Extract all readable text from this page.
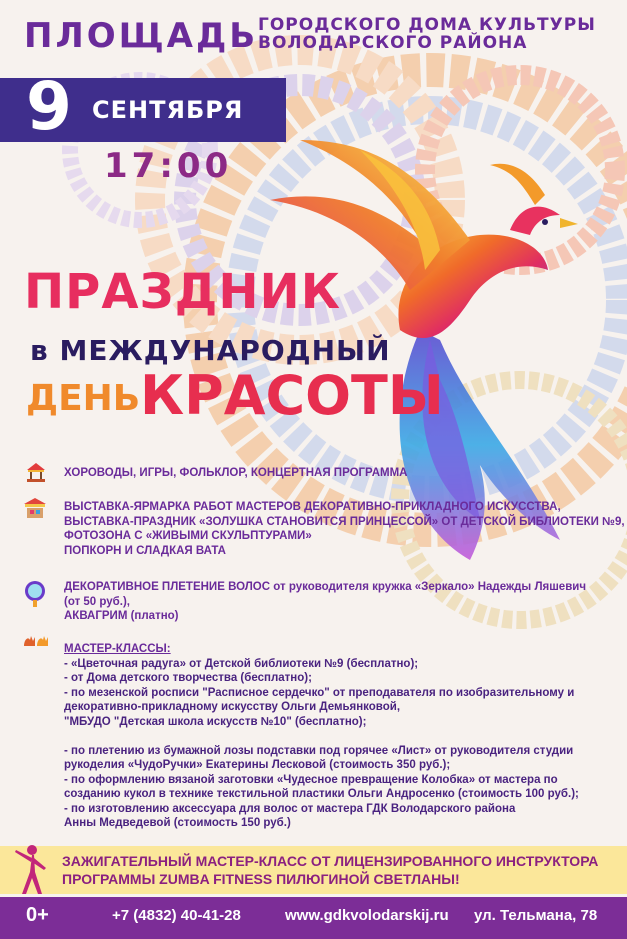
ПЛОЩАДЬ ГОРОДСКОГО ДОМА КУЛЬТУРЫ
ВОЛОДАРСКОГО РАЙОНА
9 СЕНТЯБРЯ
17:00
ПРАЗДНИК
в МЕЖДУНАРОДНЫЙ
ДЕНЬ КРАСОТЫ
ХОРОВОДЫ, ИГРЫ, ФОЛЬКЛОР, КОНЦЕРТНАЯ ПРОГРАММА
ВЫСТАВКА-ЯРМАРКА РАБОТ МАСТЕРОВ ДЕКОРАТИВНО-ПРИКЛАДНОГО ИСКУССТВА,
ВЫСТАВКА-ПРАЗДНИК «ЗОЛУШКА СТАНОВИТСЯ ПРИНЦЕССОЙ» ОТ ДЕТСКОЙ БИБЛИОТЕКИ №9,
ФОТОЗОНА С «ЖИВЫМИ СКУЛЬПТУРАМИ»
ПОПКОРН И СЛАДКАЯ ВАТА
ДЕКОРАТИВНОЕ ПЛЕТЕНИЕ ВОЛОС от руководителя кружка «Зеркало» Надежды Ляшевич
(от 50 руб.),
АКВАГРИМ (платно)
МАСТЕР-КЛАССЫ:
- «Цветочная радуга» от Детской библиотеки №9 (бесплатно);
- от Дома детского творчества (бесплатно);
- по мезенской росписи "Расписное сердечко" от преподавателя по изобразительному и
декоративно-прикладному искусству Ольги Демьянковой,
"МБУДО "Детская школа искусств №10" (бесплатно);
- по плетению из бумажной лозы подставки под горячее «Лист» от руководителя студии
рукоделия «ЧудоРучки» Екатерины Лесковой (стоимость 350 руб.);
- по оформлению вязаной заготовки «Чудесное превращение Колобка» от мастера по
созданию кукол в технике текстильной пластики Ольги Андросенко (стоимость 100 руб.);
- по изготовлению аксессуара для волос от мастера ГДК Володарского района
Анны Медведевой (стоимость 150 руб.)
ЗАЖИГАТЕЛЬНЫЙ МАСТЕР-КЛАСС ОТ ЛИЦЕНЗИРОВАННОГО ИНСТРУКТОРА
ПРОГРАММЫ ZUMBA FITNESS ПИЛЮГИНОЙ СВЕТЛАНЫ!
0+	+7 (4832) 40-41-28	www.gdkvolodarskij.ru ул. Тельмана, 78
